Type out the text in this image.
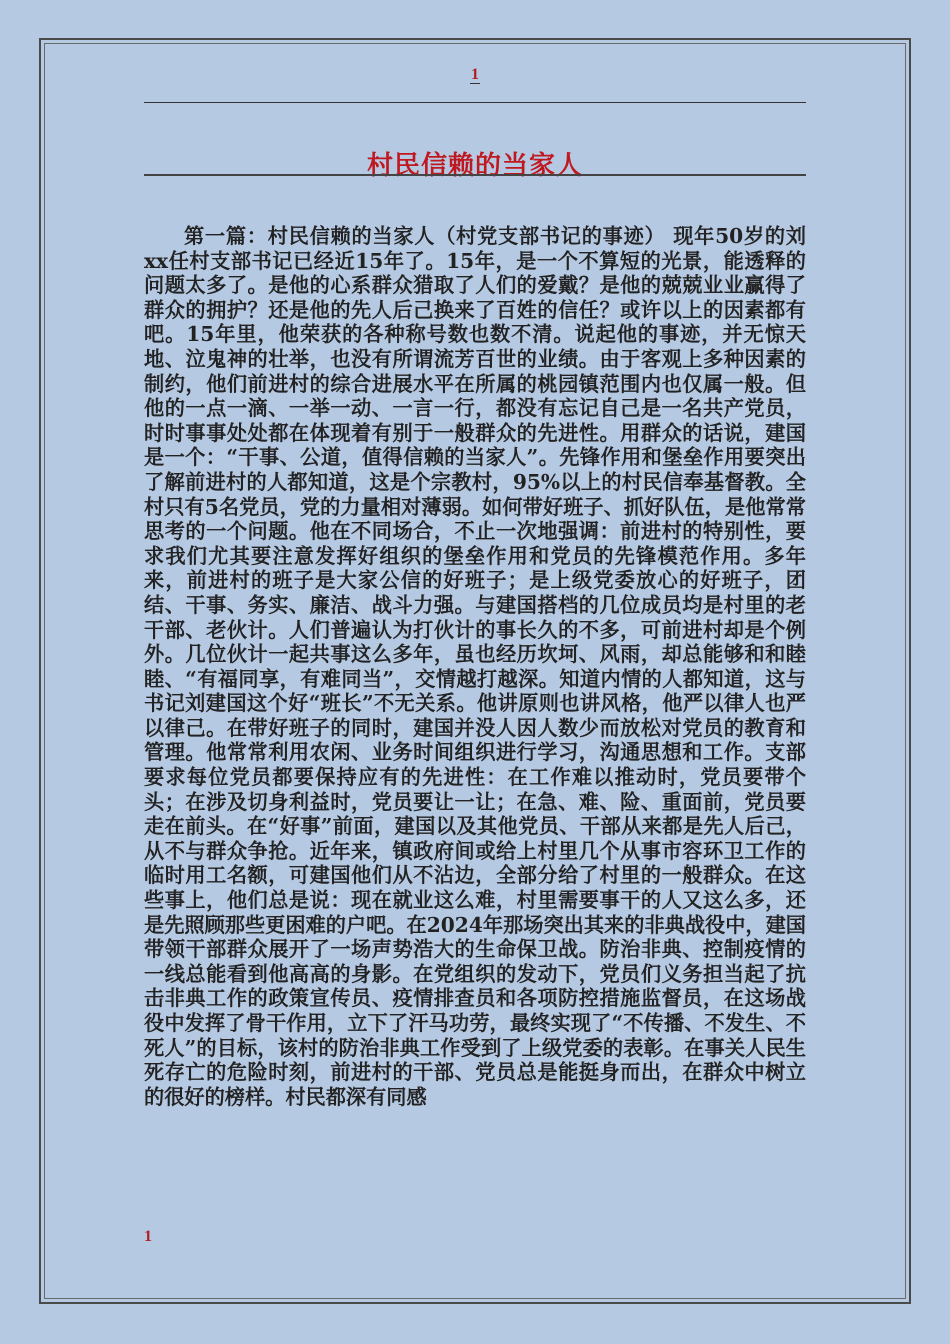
1
村民信赖的当家人

第一篇：村民信赖的当家人（村党支部书记的事迹） 现年50岁的刘xx任村支部书记已经近15年了。15年，是一个不算短的光景，能透释的问题太多了。是他的心系群众猎取了人们的爱戴？是他的兢兢业业赢得了群众的拥护？还是他的先人后己换来了百姓的信任？或许以上的因素都有吧。15年里，他荣获的各种称号数也数不清。说起他的事迹，并无惊天地、泣鬼神的壮举，也没有所谓流芳百世的业绩。由于客观上多种因素的制约，他们前进村的综合进展水平在所属的桃园镇范围内也仅属一般。但他的一点一滴、一举一动、一言一行，都没有忘记自己是一名共产党员，时时事事处处都在体现着有别于一般群众的先进性。用群众的话说，建国是一个：“干事、公道，值得信赖的当家人”。先锋作用和堡垒作用要突出了解前进村的人都知道，这是个宗教村，95%以上的村民信奉基督教。全村只有5名党员，党的力量相对薄弱。如何带好班子、抓好队伍，是他常常思考的一个问题。他在不同场合，不止一次地强调：前进村的特别性，要求我们尤其要注意发挥好组织的堡垒作用和党员的先锋模范作用。多年来，前进村的班子是大家公信的好班子；是上级党委放心的好班子，团结、干事、务实、廉洁、战斗力强。与建国搭档的几位成员均是村里的老干部、老伙计。人们普遍认为打伙计的事长久的不多，可前进村却是个例外。几位伙计一起共事这么多年，虽也经历坎坷、风雨，却总能够和和睦睦、“有福同享，有难同当”，交情越打越深。知道内情的人都知道，这与书记刘建国这个好“班长”不无关系。他讲原则也讲风格，他严以律人也严以律己。在带好班子的同时，建国并没人因人数少而放松对党员的教育和管理。他常常利用农闲、业务时间组织进行学习，沟通思想和工作。支部要求每位党员都要保持应有的先进性：在工作难以推动时，党员要带个头；在涉及切身利益时，党员要让一让；在急、难、险、重面前，党员要走在前头。在“好事”前面，建国以及其他党员、干部从来都是先人后己，从不与群众争抢。近年来，镇政府间或给上村里几个从事市容环卫工作的临时用工名额，可建国他们从不沾边，全部分给了村里的一般群众。在这些事上，他们总是说：现在就业这么难，村里需要事干的人又这么多，还是先照顾那些更困难的户吧。在2024年那场突出其来的非典战役中，建国带领干部群众展开了一场声势浩大的生命保卫战。防治非典、控制疫情的一线总能看到他高高的身影。在党组织的发动下，党员们义务担当起了抗击非典工作的政策宣传员、疫情排查员和各项防控措施监督员，在这场战役中发挥了骨干作用，立下了汗马功劳，最终实现了“不传播、不发生、不死人”的目标，该村的防治非典工作受到了上级党委的表彰。在事关人民生死存亡的危险时刻，前进村的干部、党员总是能挺身而出，在群众中树立的很好的榜样。村民都深有同感

1
